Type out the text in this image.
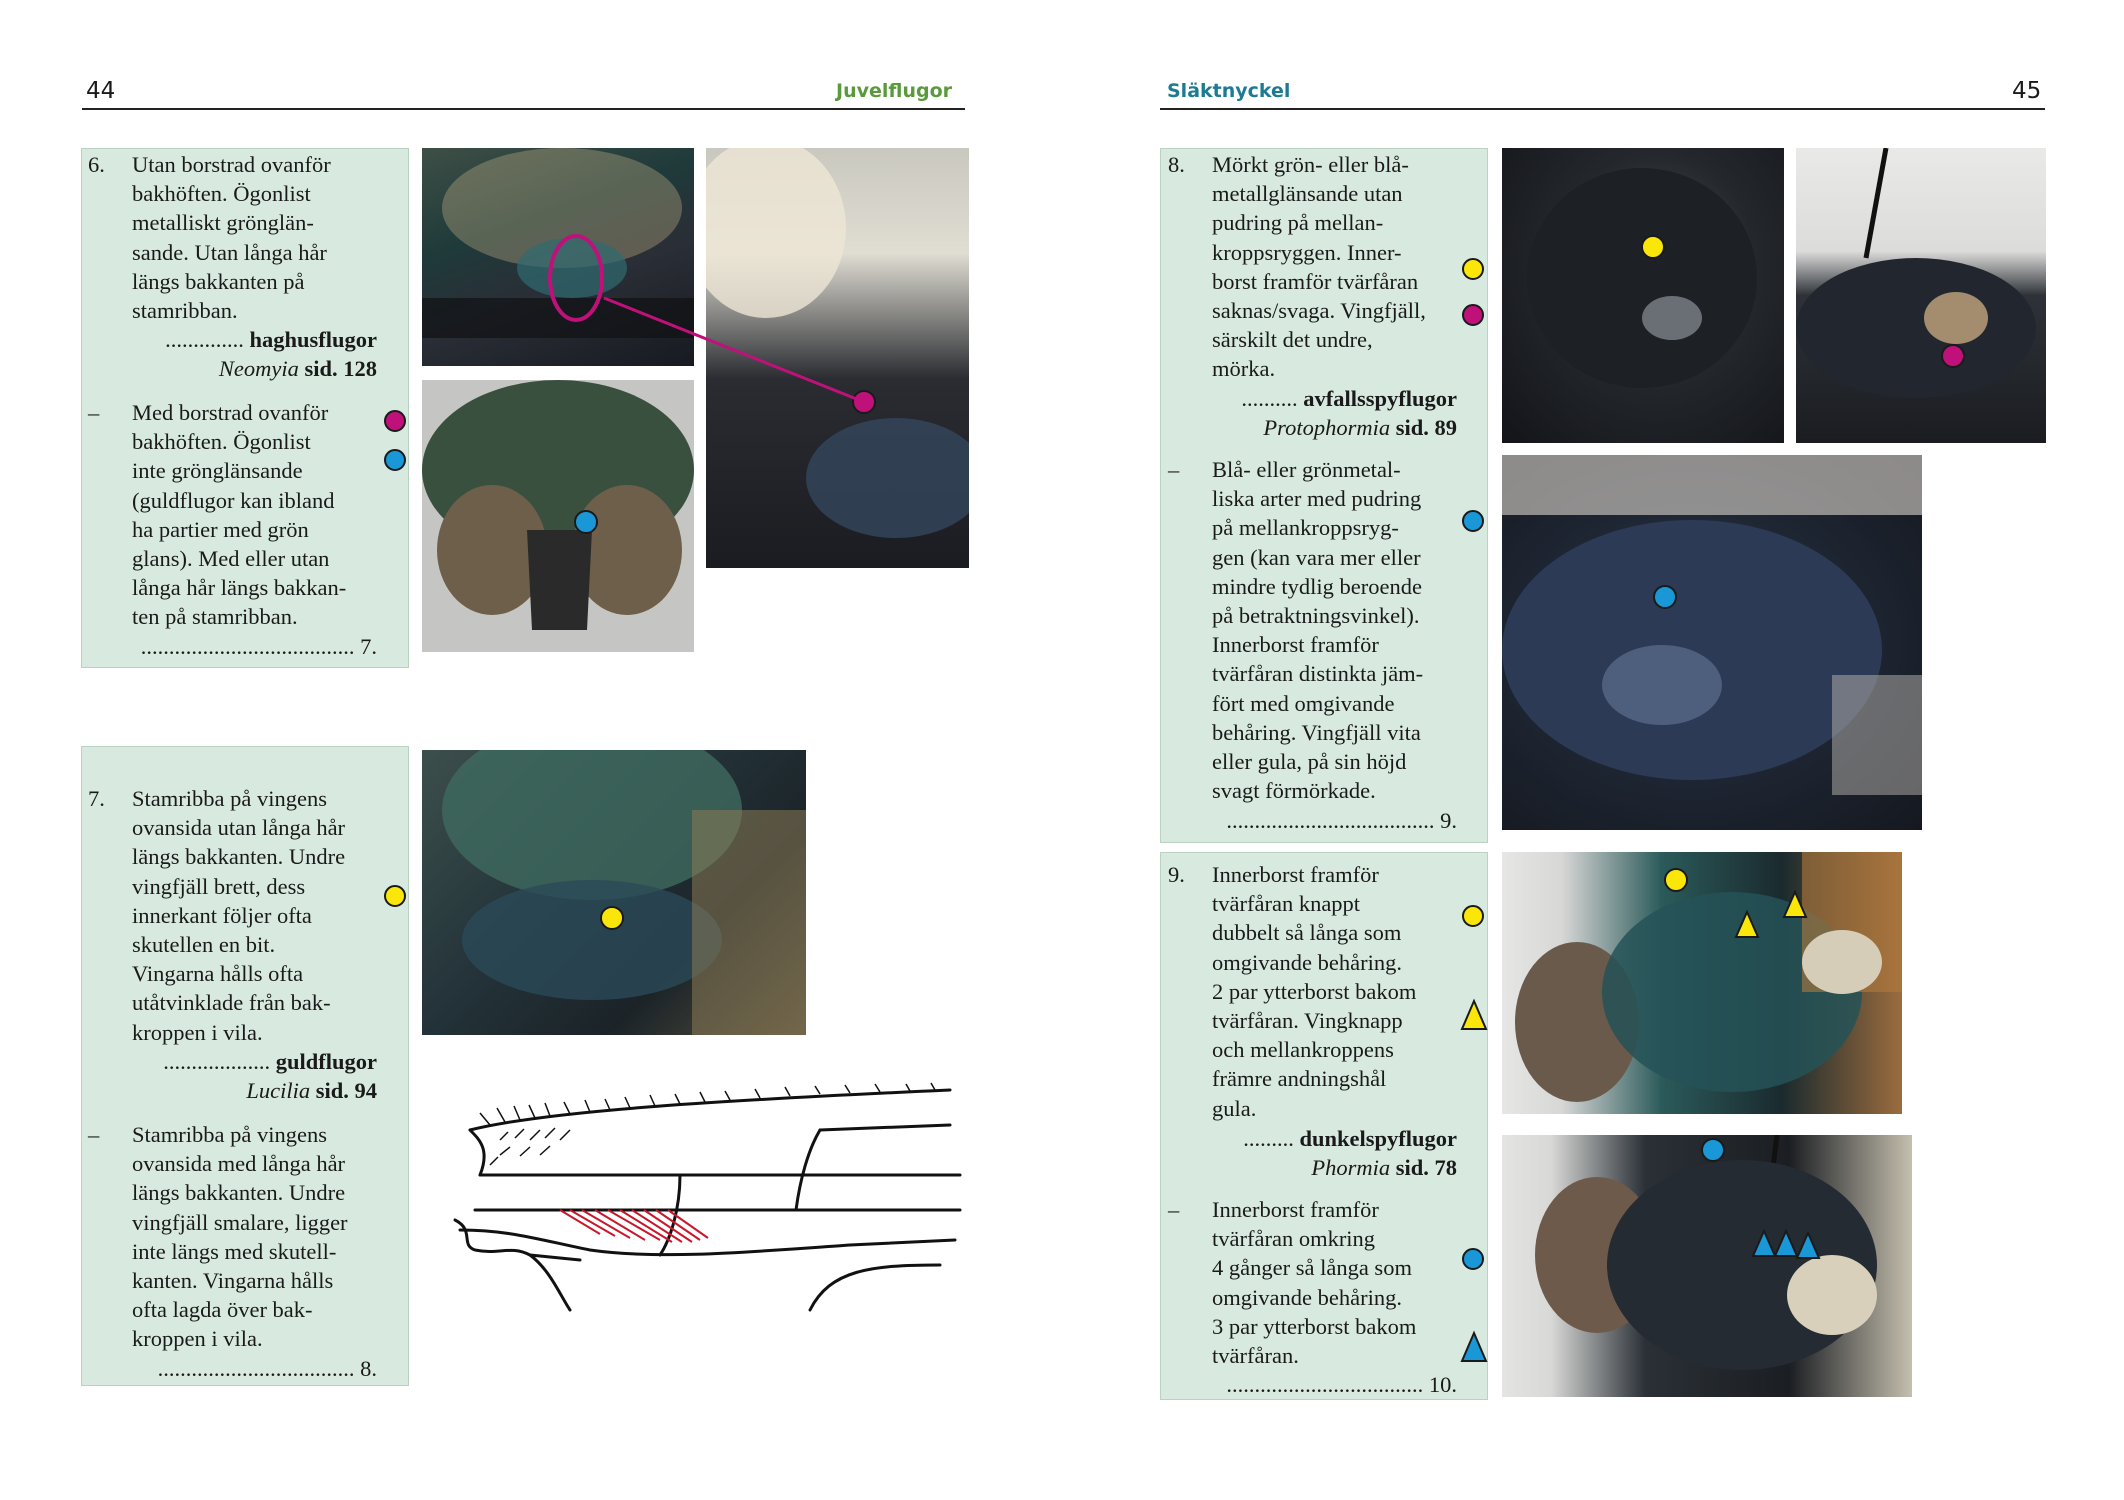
44	Juvelflugor
6. Utan borstrad ovanför
bakhöften. Ögonlist
metalliskt grönglän-
sande. Utan långa hår
längs bakkanten på
stamribban.
.............. haghusflugor
Neomyia sid. 128
– Med borstrad ovanför
bakhöften. Ögonlist
inte grönglänsande
(guldflugor kan ibland
ha partier med grön
glans). Med eller utan
långa hår längs bakkan-
ten på stamribban.
...................................... 7.
7. Stamribba på vingens
ovansida utan långa hår
längs bakkanten. Undre
vingfjäll brett, dess
innerkant följer ofta
skutellen en bit.
Vingarna hålls ofta
utåtvinklade från bak-
kroppen i vila.
................... guldflugor
Lucilia sid. 94
– Stamribba på vingens
ovansida med långa hår
längs bakkanten. Undre
vingfjäll smalare, ligger
inte längs med skutell-
kanten. Vingarna hålls
ofta lagda över bak-
kroppen i vila.
................................... 8.
Släktnyckel	45
8. Mörkt grön- eller blå-
metallglänsande utan
pudring på mellan-
kroppsryggen. Inner-
borst framför tvärfåran
saknas/svaga. Vingfjäll,
särskilt det undre,
mörka.
.......... avfallsspyflugor
Protophormia sid. 89
– Blå- eller grönmetal-
liska arter med pudring
på mellankroppsryg-
gen (kan vara mer eller
mindre tydlig beroende
på betraktningsvinkel).
Innerborst framför
tvärfåran distinkta jäm-
fört med omgivande
behåring. Vingfjäll vita
eller gula, på sin höjd
svagt förmörkade.
..................................... 9.
9. Innerborst framför
tvärfåran knappt
dubbelt så långa som
omgivande behåring.
2 par ytterborst bakom
tvärfåran. Vingknapp
och mellankroppens
främre andningshål
gula.
......... dunkelspyflugor
Phormia sid. 78
– Innerborst framför
tvärfåran omkring
4 gånger så långa som
omgivande behåring.
3 par ytterborst bakom
tvärfåran.
................................... 10.
